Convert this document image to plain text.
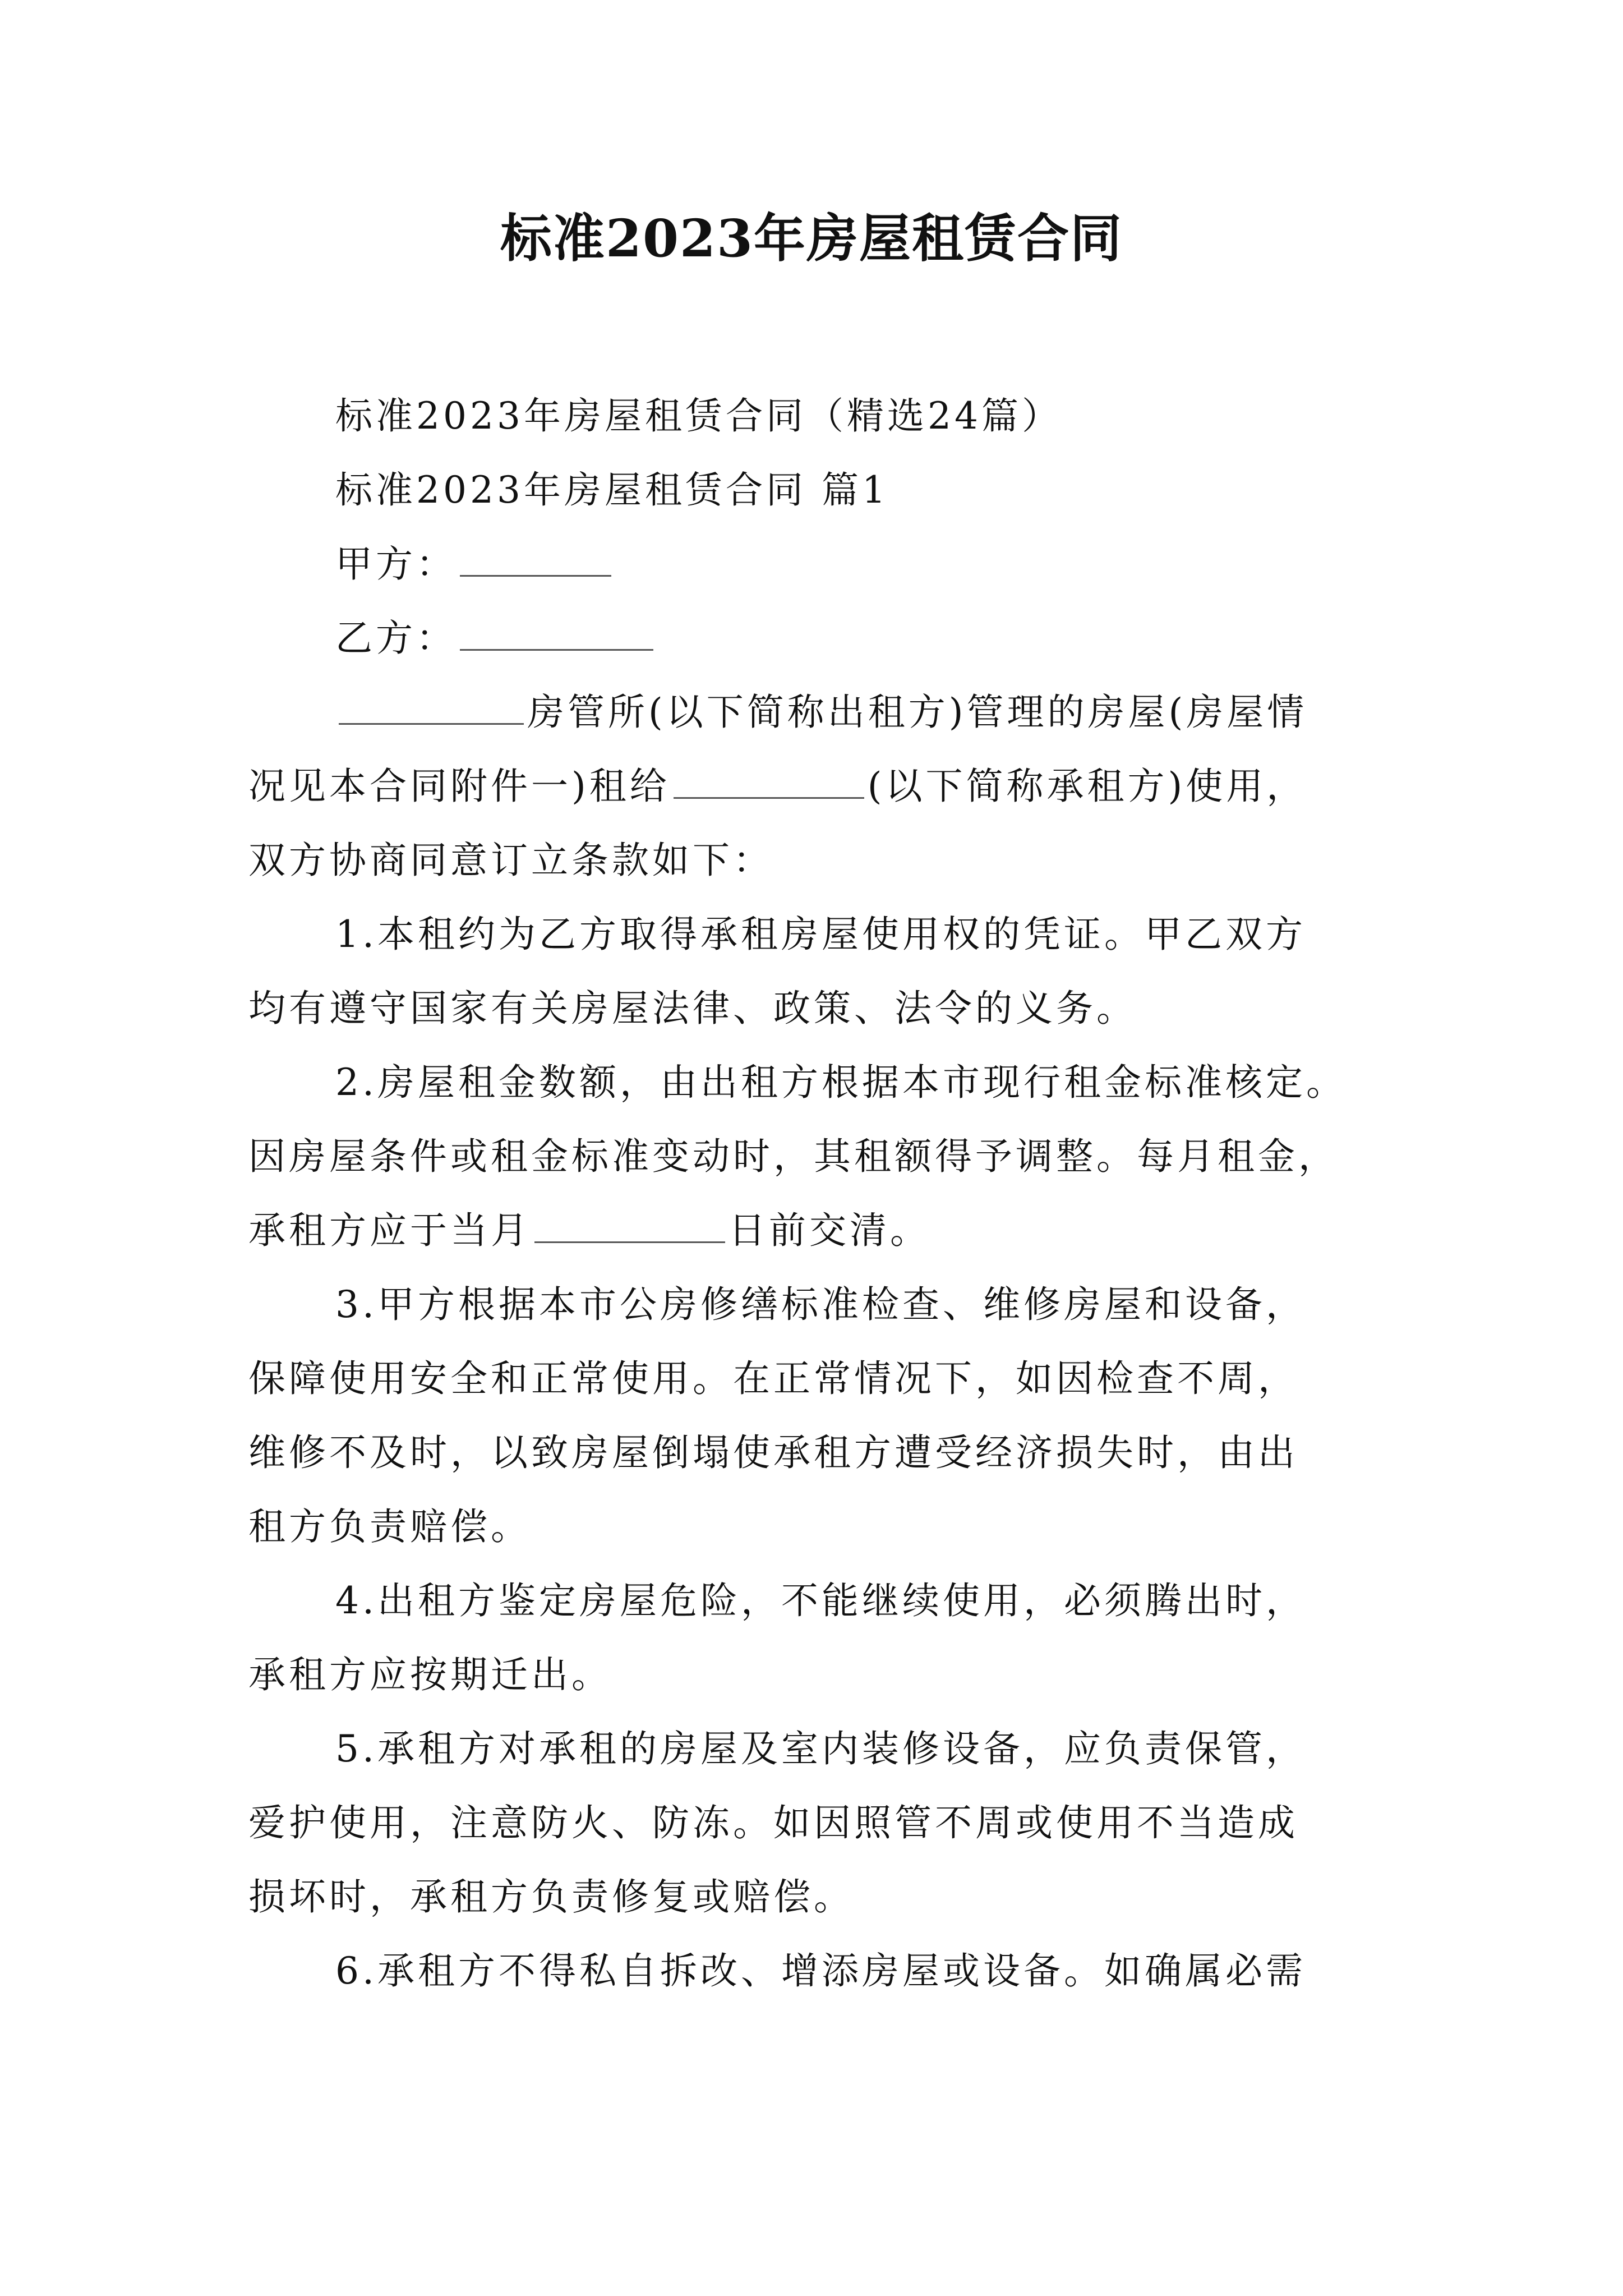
标准2023年房屋租赁合同
标准2023年房屋租赁合同（精选24篇）
标准2023年房屋租赁合同 篇1
甲方：
乙方：
房管所(以下简称出租方)管理的房屋(房屋情
况见本合同附件一)租给	(以下简称承租方)使用，
双方协商同意订立条款如下：
1.本租约为乙方取得承租房屋使用权的凭证。甲乙双方
均有遵守国家有关房屋法律、政策、法令的义务。
2.房屋租金数额，由出租方根据本市现行租金标准核定。
因房屋条件或租金标准变动时，其租额得予调整。每月租金，
承租方应于当月	日前交清。
3.甲方根据本市公房修缮标准检查、维修房屋和设备，
保障使用安全和正常使用。在正常情况下，如因检查不周，
维修不及时，以致房屋倒塌使承租方遭受经济损失时，由出
租方负责赔偿。
4.出租方鉴定房屋危险，不能继续使用，必须腾出时，
承租方应按期迁出。
5.承租方对承租的房屋及室内装修设备，应负责保管，
爱护使用，注意防火、防冻。如因照管不周或使用不当造成
损坏时，承租方负责修复或赔偿。
6.承租方不得私自拆改、增添房屋或设备。如确属必需
